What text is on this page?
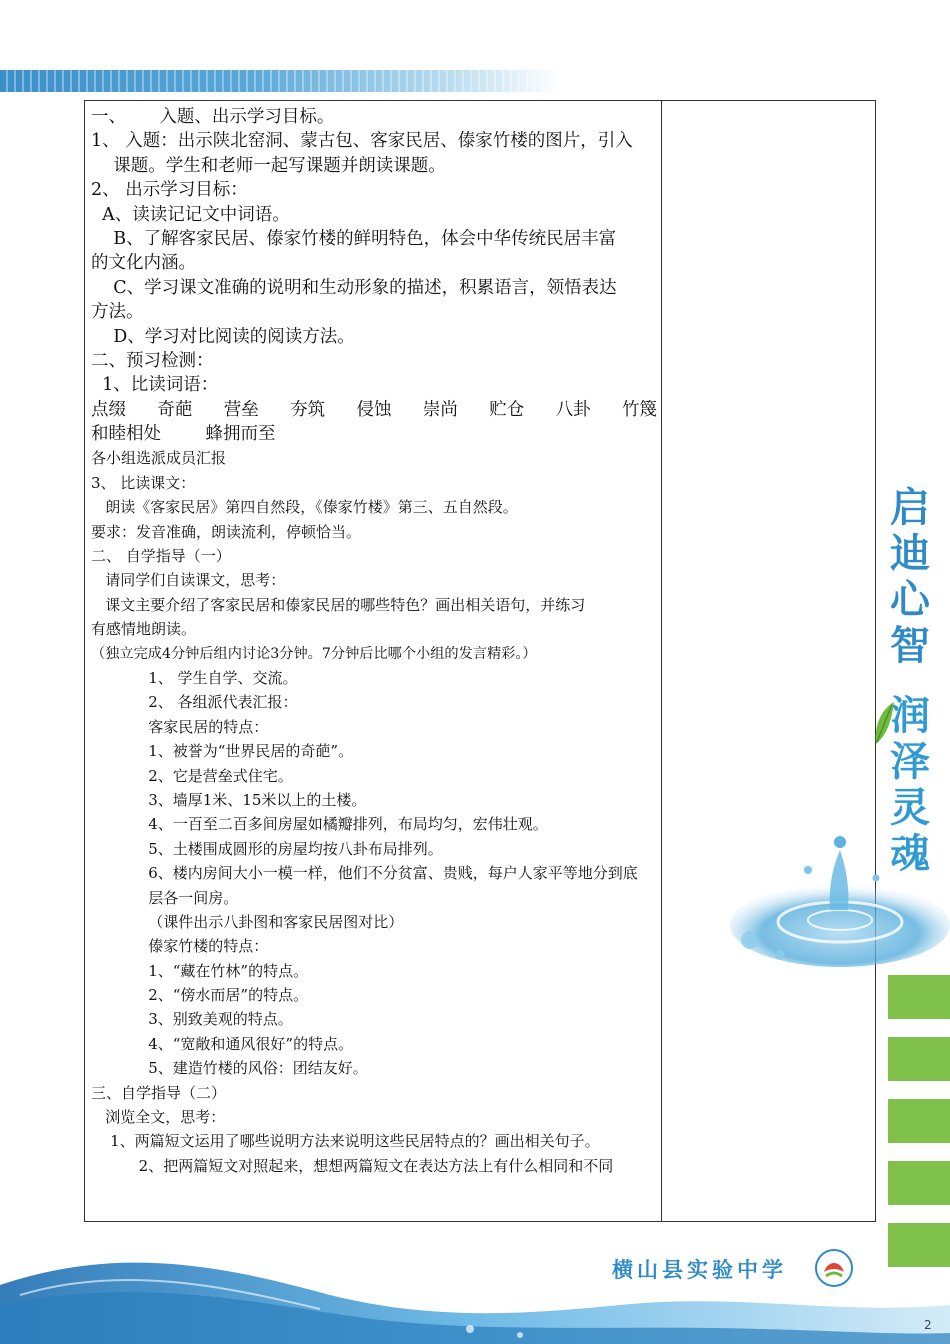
一、      入题、出示学习目标。
1、 入题：出示陕北窑洞、蒙古包、客家民居、傣家竹楼的图片，引入
课题。学生和老师一起写课题并朗读课题。
2、 出示学习目标：
A、读读记记文中词语。
B、了解客家民居、傣家竹楼的鲜明特色，体会中华传统民居丰富
的文化内涵。
C、学习课文准确的说明和生动形象的描述，积累语言，领悟表达
方法。
D、学习对比阅读的阅读方法。
二、预习检测：
1、比读词语：
点缀 奇葩 营垒 夯筑 侵蚀 崇尚 贮仓 八卦 竹篾
和睦相处        蜂拥而至
各小组选派成员汇报
3、 比读课文：
朗读《客家民居》第四自然段，《傣家竹楼》第三、五自然段。
要求：发音准确，朗读流利，停顿恰当。
二、 自学指导（一）
请同学们自读课文，思考：
课文主要介绍了客家民居和傣家民居的哪些特色？画出相关语句，并练习
有感情地朗读。
（独立完成4分钟后组内讨论3分钟。7分钟后比哪个小组的发言精彩。）
1、 学生自学、交流。
2、 各组派代表汇报：
客家民居的特点：
1、被誉为“世界民居的奇葩”。
2、它是营垒式住宅。
3、墙厚1米、15米以上的土楼。
4、一百至二百多间房屋如橘瓣排列，布局均匀，宏伟壮观。
5、土楼围成圆形的房屋均按八卦布局排列。
6、楼内房间大小一模一样，他们不分贫富、贵贱，每户人家平等地分到底
层各一间房。
（课件出示八卦图和客家民居图对比）
傣家竹楼的特点：
1、“藏在竹林”的特点。
2、“傍水而居”的特点。
3、别致美观的特点。
4、“宽敞和通风很好”的特点。
5、建造竹楼的风俗：团结友好。
三、自学指导（二）
浏览全文，思考：
1、两篇短文运用了哪些说明方法来说明这些民居特点的？画出相关句子。
2、把两篇短文对照起来，想想两篇短文在表达方法上有什么相同和不同
启
迪
心
智
润
泽
灵
魂
横山县实验中学
2
